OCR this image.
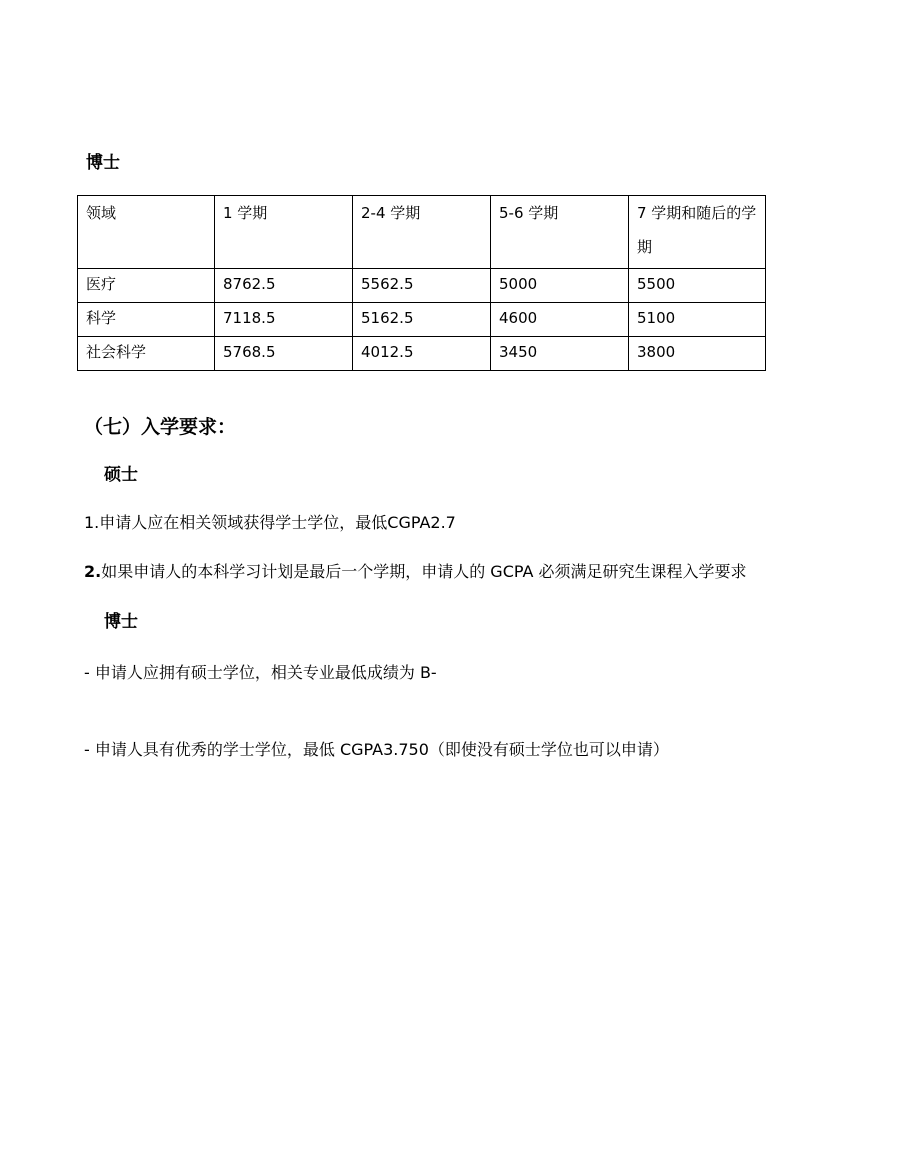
博士
领域	1 学期	2-4 学期	5-6 学期	7 学期和随后的学期

医疗	8762.5	5562.5	5000	5500
科学	7118.5	5162.5	4600	5100
社会科学	5768.5	4012.5	3450	3800
（七）入学要求：
硕士
1.申请人应在相关领域获得学士学位，最低CGPA2.7
2.如果申请人的本科学习计划是最后一个学期，申请人的 GCPA 必须满足研究生课程入学要求
博士
- 申请人应拥有硕士学位，相关专业最低成绩为 B-
- 申请人具有优秀的学士学位，最低 CGPA3.750（即使没有硕士学位也可以申请）
